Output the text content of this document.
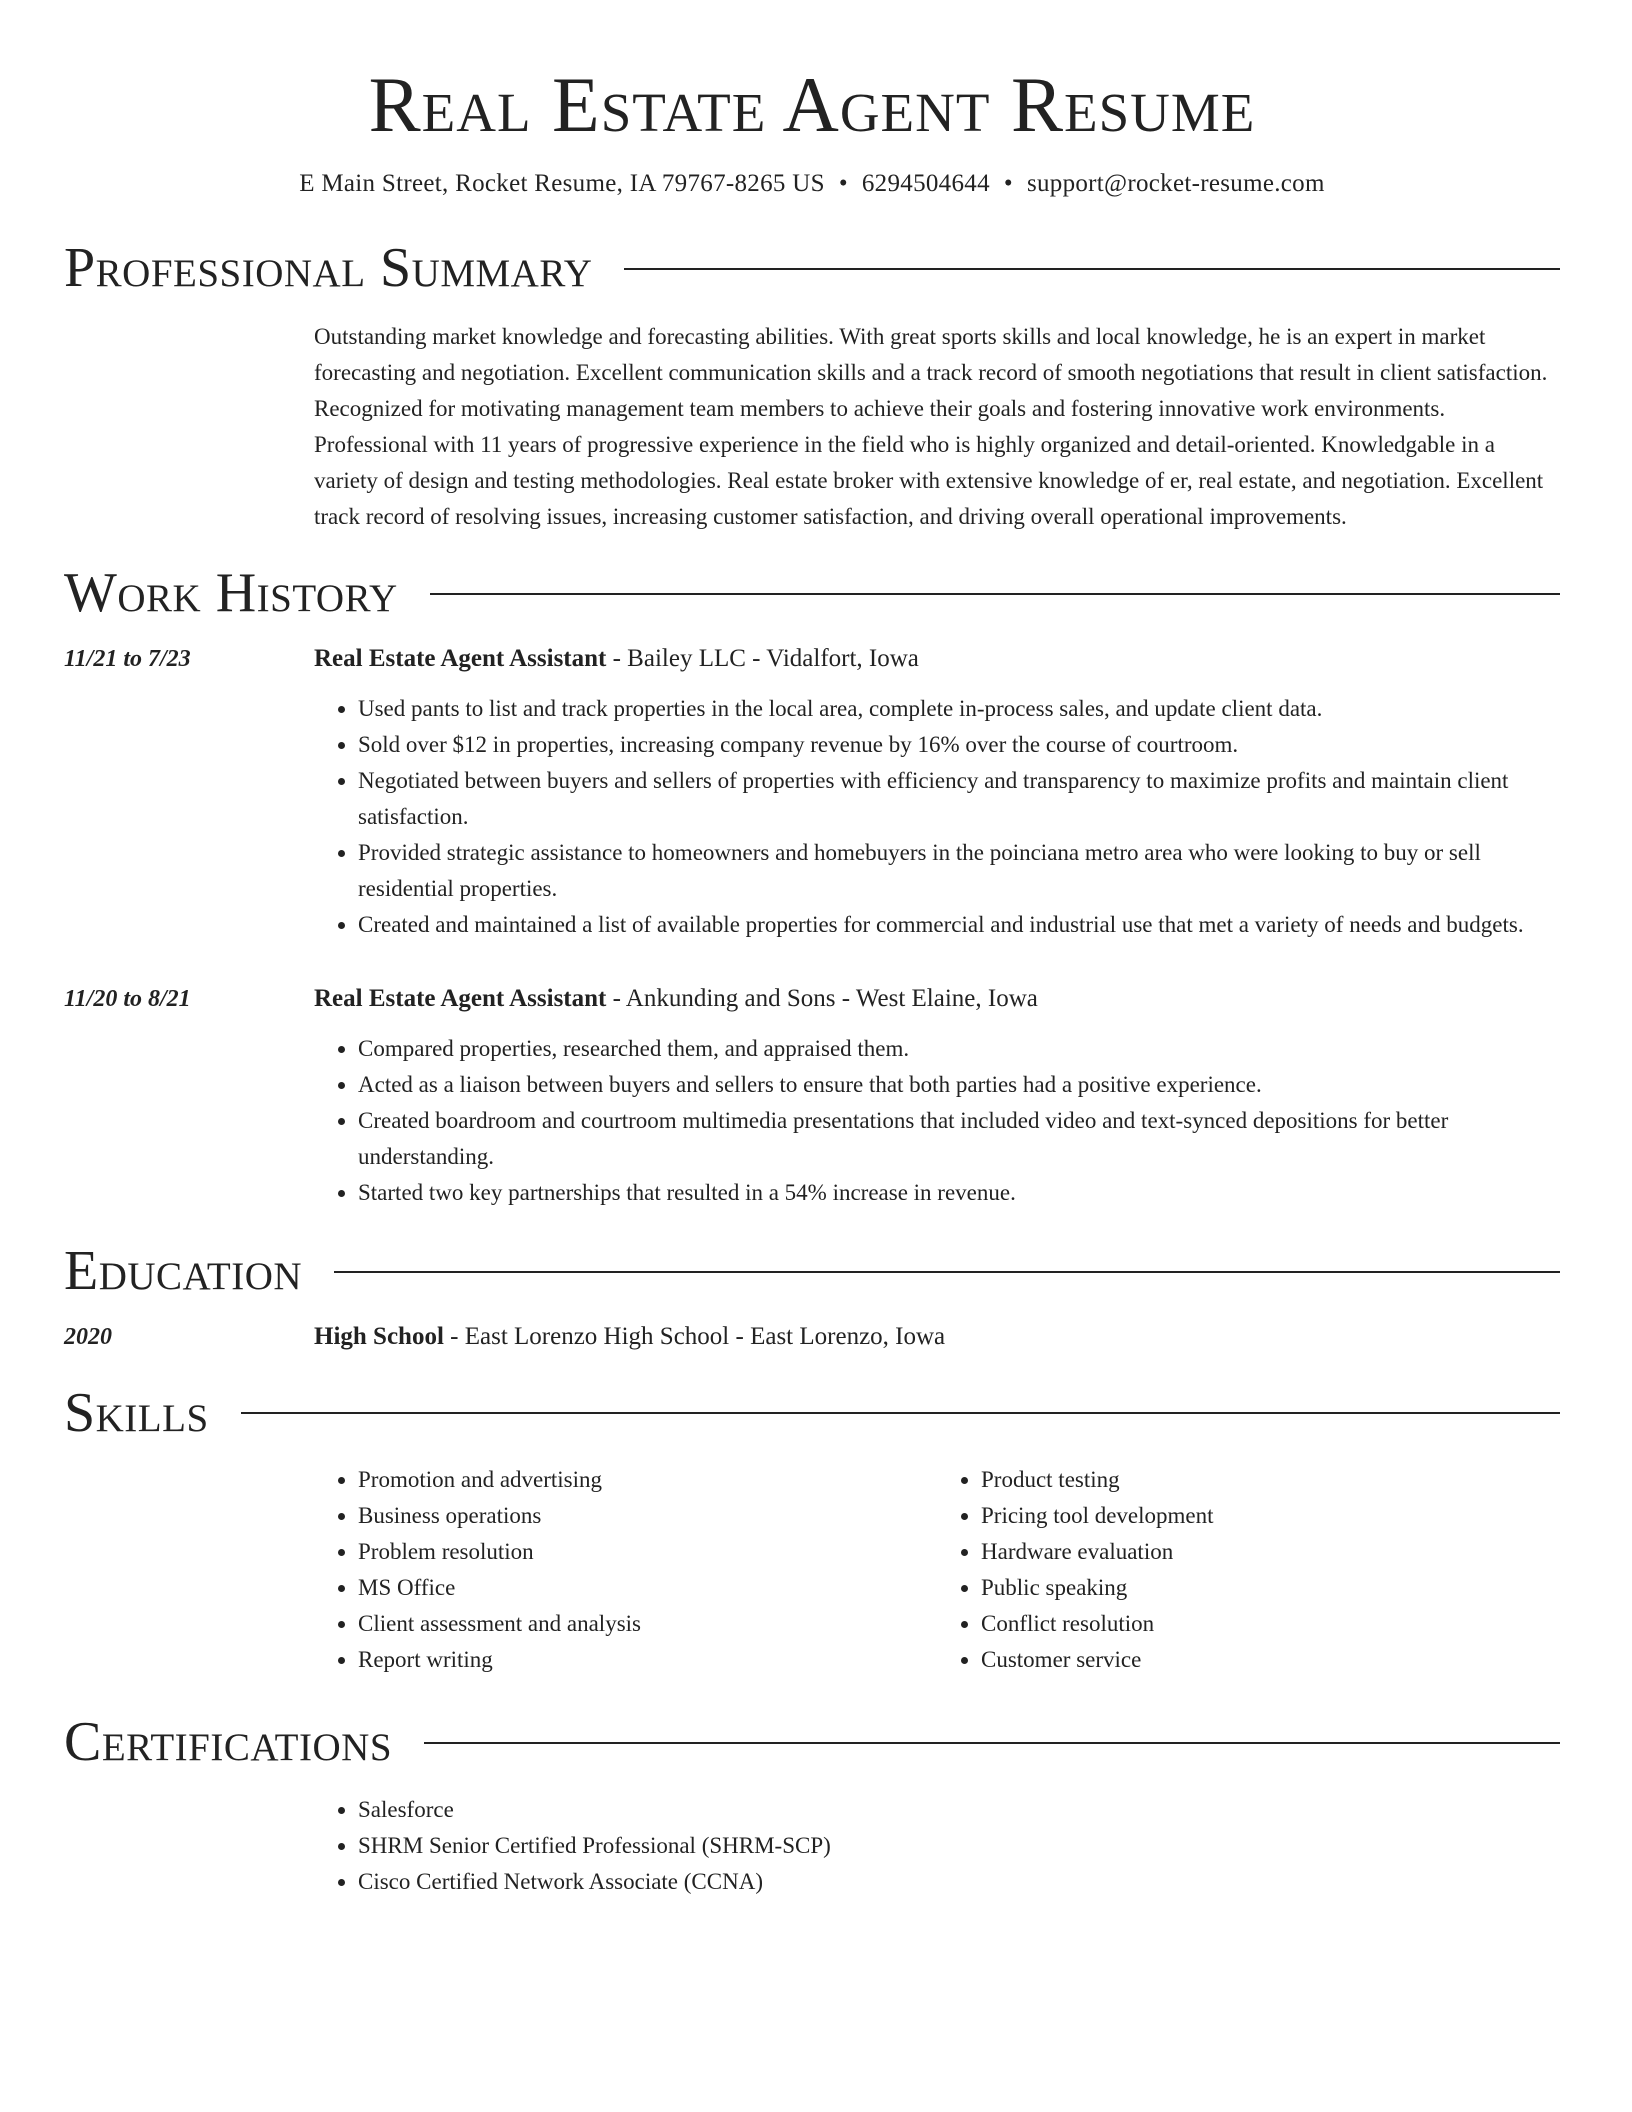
Real Estate Agent Resume
E Main Street, Rocket Resume, IA 79767-8265 US • 6294504644 • support@rocket-resume.com
Professional Summary
Outstanding market knowledge and forecasting abilities. With great sports skills and local knowledge, he is an expert in market forecasting and negotiation. Excellent communication skills and a track record of smooth negotiations that result in client satisfaction. Recognized for motivating management team members to achieve their goals and fostering innovative work environments. Professional with 11 years of progressive experience in the field who is highly organized and detail-oriented. Knowledgable in a variety of design and testing methodologies. Real estate broker with extensive knowledge of er, real estate, and negotiation. Excellent track record of resolving issues, increasing customer satisfaction, and driving overall operational improvements.
Work History
11/21 to 7/23	Real Estate Agent Assistant - Bailey LLC - Vidalfort, Iowa
• Used pants to list and track properties in the local area, complete in-process sales, and update client data.
• Sold over $12 in properties, increasing company revenue by 16% over the course of courtroom.
• Negotiated between buyers and sellers of properties with efficiency and transparency to maximize profits and maintain client satisfaction.
• Provided strategic assistance to homeowners and homebuyers in the poinciana metro area who were looking to buy or sell residential properties.
• Created and maintained a list of available properties for commercial and industrial use that met a variety of needs and budgets.
11/20 to 8/21	Real Estate Agent Assistant - Ankunding and Sons - West Elaine, Iowa
• Compared properties, researched them, and appraised them.
• Acted as a liaison between buyers and sellers to ensure that both parties had a positive experience.
• Created boardroom and courtroom multimedia presentations that included video and text-synced depositions for better understanding.
• Started two key partnerships that resulted in a 54% increase in revenue.
Education
2020	High School - East Lorenzo High School - East Lorenzo, Iowa
Skills
• Promotion and advertising
• Business operations
• Problem resolution
• MS Office
• Client assessment and analysis
• Report writing
• Product testing
• Pricing tool development
• Hardware evaluation
• Public speaking
• Conflict resolution
• Customer service
Certifications
• Salesforce
• SHRM Senior Certified Professional (SHRM-SCP)
• Cisco Certified Network Associate (CCNA)
